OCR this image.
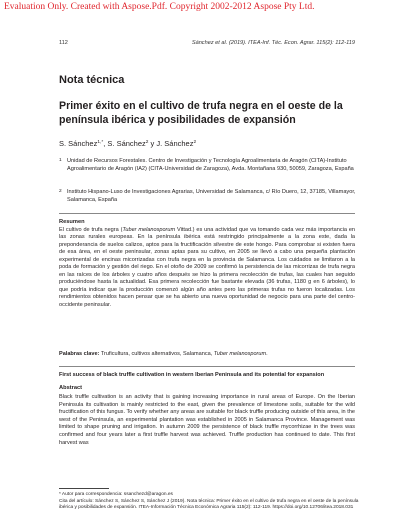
Evaluation Only. Created with Aspose.Pdf. Copyright 2002-2012 Aspose Pty Ltd.
112	Sánchez et al. (2019). ITEA-Inf. Téc. Econ. Agrar. 115(2): 112-119
Nota técnica
Primer éxito en el cultivo de trufa negra en el oeste de la península ibérica y posibilidades de expansión
S. Sánchez$^{1,*}$, S. Sánchez$^2$ y J. Sánchez$^2$
1 Unidad de Recursos Forestales. Centro de Investigación y Tecnología Agroalimentaria de Aragón (CITA)-Instituto Agroalimentario de Aragón (IA2) (CITA-Universidad de Zaragoza), Avda. Montañana 930, 50059, Zaragoza, España
2 Instituto Hispano-Luso de Investigaciones Agrarias, Universidad de Salamanca, c/ Río Duero, 12, 37185, Villamayor, Salamanca, España
Resumen
El cultivo de trufa negra (Tuber melanosporum Vittad.) es una actividad que va tomando cada vez más importancia en las zonas rurales europeas. En la península ibérica está restringido principalmente a la zona este, dada la preponderancia de suelos calizos, aptos para la fructificación silvestre de este hongo. Para comprobar si existen fuera de esa área, en el oeste peninsular, zonas aptas para su cultivo, en 2005 se llevó a cabo una pequeña plantación experimental de encinas micorrizadas con trufa negra en la provincia de Salamanca. Los cuidados se limitaron a la poda de formación y gestión del riego. En el otoño de 2009 se confirmó la persistencia de las micorrizas de trufa negra en las raíces de los árboles y cuatro años después se hizo la primera recolección de trufas, las cuales han seguido produciéndose hasta la actualidad. Esa primera recolección fue bastante elevada (36 trufas, 1180 g en 6 árboles), lo que podría indicar que la producción comenzó algún año antes pero las primeras trufas no fueron localizadas. Los rendimientos obtenidos hacen pensar que se ha abierto una nueva oportunidad de negocio para una parte del centro-occidente peninsular.
Palabras clave: Truficultura, cultivos alternativos, Salamanca, Tuber melanosporum.
First success of black truffle cultivation in western Iberian Peninsula and its potential for expansion
Abstract
Black truffle cultivation is an activity that is gaining increasing importance in rural areas of Europe. On the Iberian Peninsula its cultivation is mainly restricted to the east, given the prevalence of limestone soils, suitable for the wild fructification of this fungus. To verify whether any areas are suitable for black truffle producing outside of this area, in the west of the Peninsula, an experimental plantation was established in 2005 in Salamanca Province. Management was limited to shape pruning and irrigation. In autumn 2009 the persistence of black truffle mycorrhizae in the trees was confirmed and four years later a first truffle harvest was achieved. Truffle production has continued to date. This first harvest was
* Autor para correspondencia: ssanchezd@aragon.es
Cita del artículo: Sánchez S, Sánchez S, Sánchez J (2019). Nota técnica: Primer éxito en el cultivo de trufa negra en el oeste de la península ibérica y posibilidades de expansión. ITEA-Información Técnica Económica Agraria 115(2): 112-119. https://doi.org/10.12706/itea.2018.031
